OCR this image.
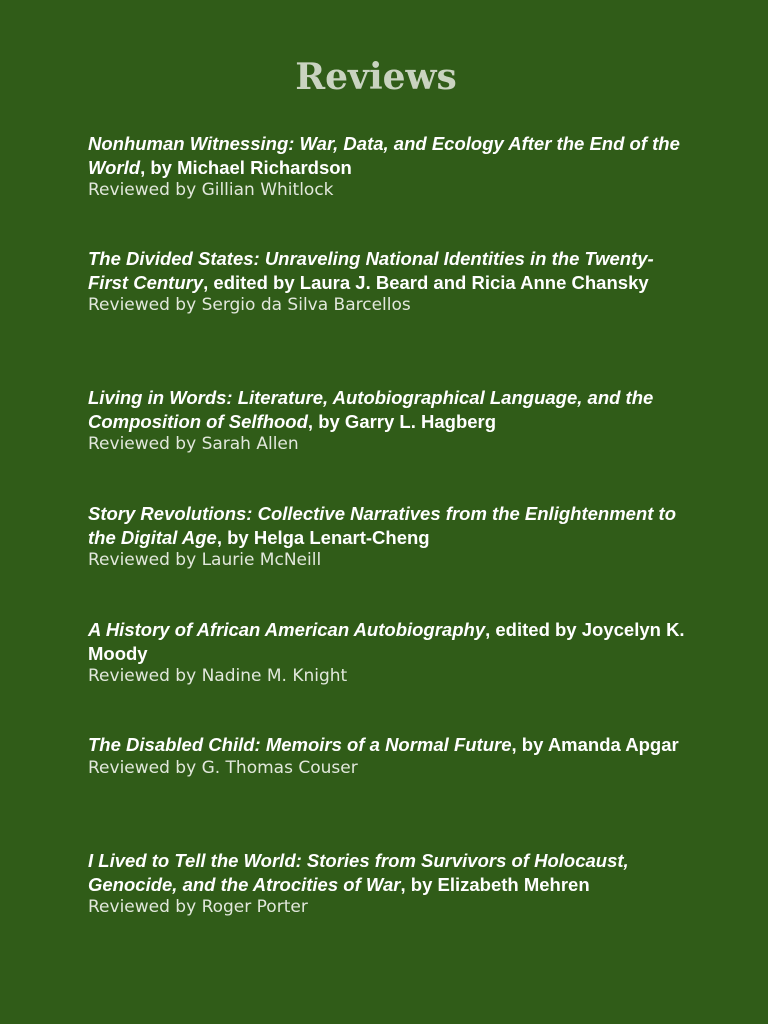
Reviews

Nonhuman Witnessing: War, Data, and Ecology After the End of the World, by Michael Richardson

Reviewed by Gillian Whitlock

The Divided States: Unraveling National Identities in the Twenty-First Century, edited by Laura J. Beard and Ricia Anne Chansky

Reviewed by Sergio da Silva Barcellos

Living in Words: Literature, Autobiographical Language, and the Composition of Selfhood, by Garry L. Hagberg

Reviewed by Sarah Allen

Story Revolutions: Collective Narratives from the Enlightenment to the Digital Age, by Helga Lenart-Cheng

Reviewed by Laurie McNeill

A History of African American Autobiography, edited by Joycelyn K. Moody

Reviewed by Nadine M. Knight

The Disabled Child: Memoirs of a Normal Future, by Amanda Apgar

Reviewed by G. Thomas Couser

I Lived to Tell the World: Stories from Survivors of Holocaust, Genocide, and the Atrocities of War, by Elizabeth Mehren

Reviewed by Roger Porter
